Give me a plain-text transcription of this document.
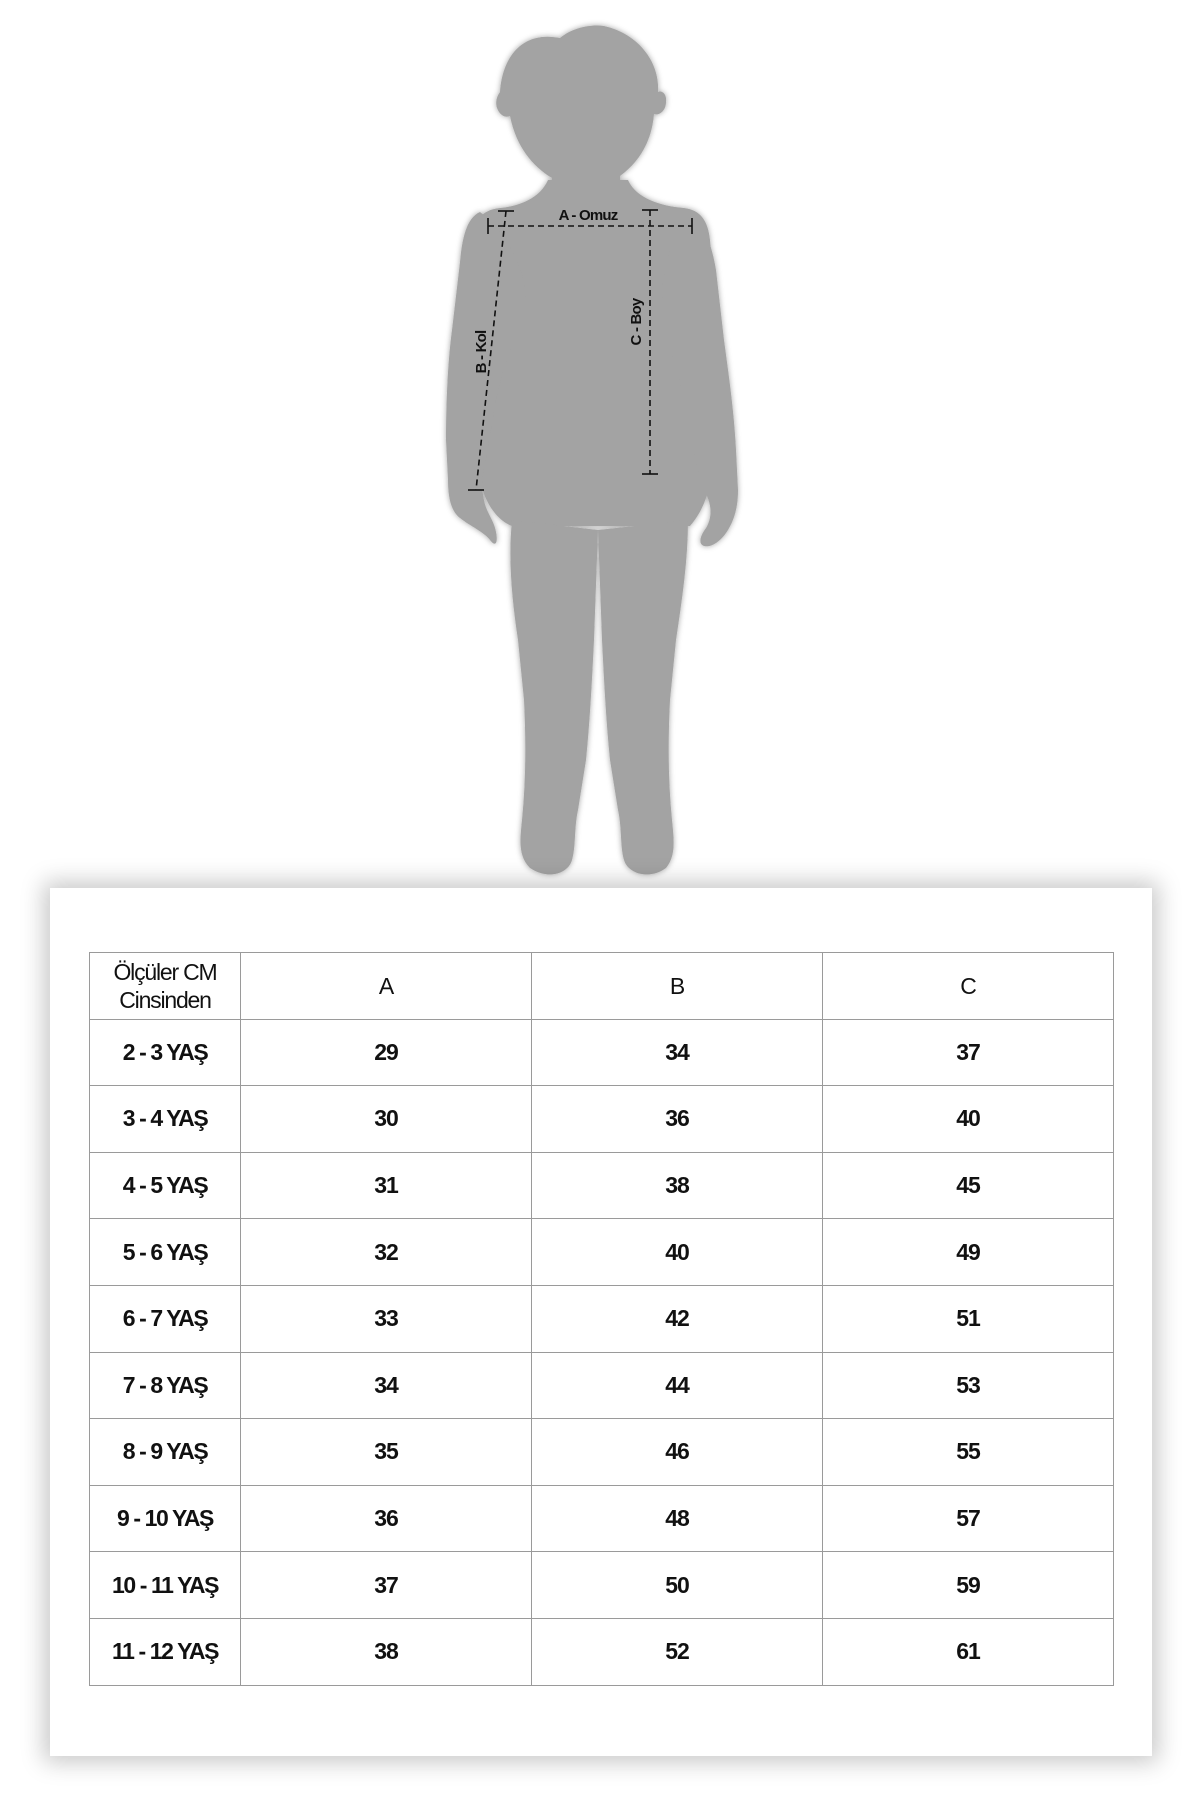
A - Omuz
B - Kol
C - Boy
Ölçüler CM
Cinsinden	A	B	C
2 - 3 YAŞ	29	34	37
3 - 4 YAŞ	30	36	40
4 - 5 YAŞ	31	38	45
5 - 6 YAŞ	32	40	49
6 - 7 YAŞ	33	42	51
7 - 8 YAŞ	34	44	53
8 - 9 YAŞ	35	46	55
9 - 10 YAŞ	36	48	57
10 - 11 YAŞ	37	50	59
11 - 12 YAŞ	38	52	61
